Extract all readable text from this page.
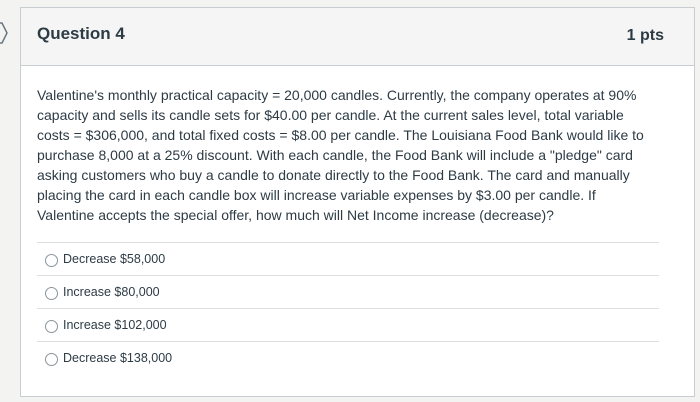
Question 4	1 pts
Valentine's monthly practical capacity = 20,000 candles. Currently, the company operates at 90% capacity and sells its candle sets for $40.00 per candle. At the current sales level, total variable costs = $306,000, and total fixed costs = $8.00 per candle. The Louisiana Food Bank would like to purchase 8,000 at a 25% discount. With each candle, the Food Bank will include a "pledge" card asking customers who buy a candle to donate directly to the Food Bank. The card and manually placing the card in each candle box will increase variable expenses by $3.00 per candle. If Valentine accepts the special offer, how much will Net Income increase (decrease)?
Decrease $58,000
Increase $80,000
Increase $102,000
Decrease $138,000
